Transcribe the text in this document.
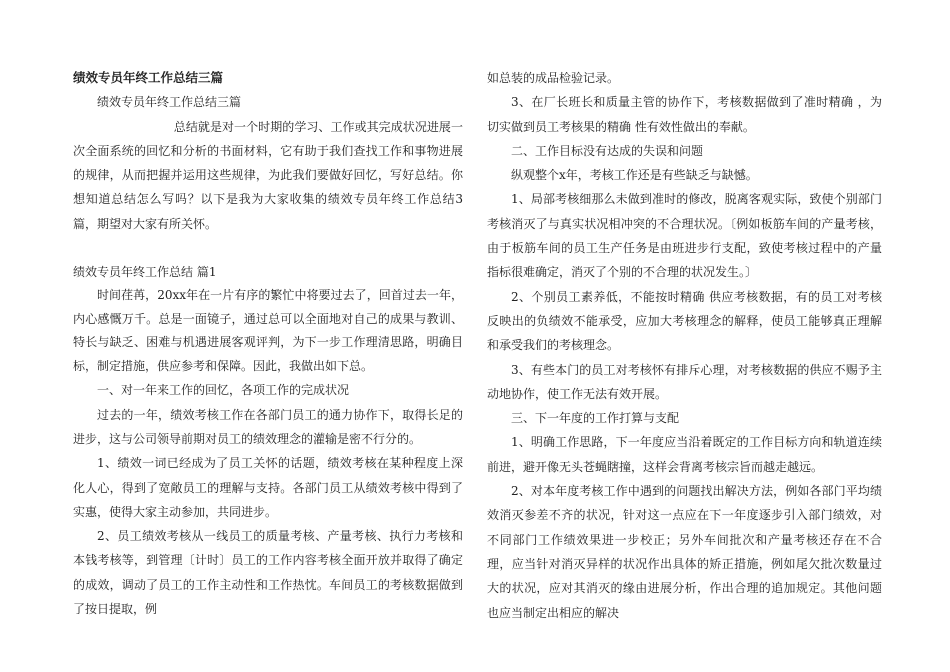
绩效专员年终工作总结三篇

绩效专员年终工作总结三篇

总结就是对一个时期的学习、工作或其完成状况进展一次全面系统的回忆和分析的书面材料，它有助于我们查找工作和事物进展的规律，从而把握并运用这些规律，为此我们要做好回忆，写好总结。你想知道总结怎么写吗？以下是我为大家收集的绩效专员年终工作总结3篇，期望对大家有所关怀。

绩效专员年终工作总结 篇1

时间荏苒，20xx年在一片有序的繁忙中将要过去了，回首过去一年，内心感慨万千。总是一面镜子，通过总可以全面地对自己的成果与教训、特长与缺乏、困难与机遇进展客观评判，为下一步工作理清思路，明确目标，制定措施，供应参考和保障。因此，我做出如下总。

一、对一年来工作的回忆，各项工作的完成状况

过去的一年，绩效考核工作在各部门员工的通力协作下，取得长足的进步，这与公司领导前期对员工的绩效理念的灌输是密不行分的。

1、绩效一词已经成为了员工关怀的话题，绩效考核在某种程度上深化人心，得到了宽敞员工的理解与支持。各部门员工从绩效考核中得到了实惠，使得大家主动参加，共同进步。

2、员工绩效考核从一线员工的质量考核、产量考核、执行力考核和本钱考核等，到管理〔计时〕员工的工作内容考核全面开放并取得了确定的成效，调动了员工的工作主动性和工作热忱。车间员工的考核数据做到了按日提取，例

如总装的成品检验记录。

3、在厂长班长和质量主管的协作下，考核数据做到了准时精确 ，为切实做到员工考核果的精确 性有效性做出的奉献。

二、工作目标没有达成的失误和问题

纵观整个x年，考核工作还是有些缺乏与缺憾。

1、局部考核细那么未做到准时的修改，脱离客观实际，致使个别部门考核消灭了与真实状况相冲突的不合理状况。〔例如板筋车间的产量考核，由于板筋车间的员工生产任务是由班进步行支配，致使考核过程中的产量指标很难确定，消灭了个别的不合理的状况发生。〕

2、个别员工素养低，不能按时精确 供应考核数据，有的员工对考核反映出的负绩效不能承受，应加大考核理念的解释，使员工能够真正理解和承受我们的考核理念。

3、有些本门的员工对考核怀有排斥心理，对考核数据的供应不赐予主动地协作，使工作无法有效开展。

三、下一年度的工作打算与支配

1、明确工作思路，下一年度应当沿着既定的工作目标方向和轨道连续前进，避开像无头苍蝇瞎撞，这样会背离考核宗旨而越走越远。

2、对本年度考核工作中遇到的问题找出解决方法，例如各部门平均绩效消灭参差不齐的状况，针对这一点应在下一年度逐步引入部门绩效，对不同部门工作绩效果进一步校正；另外车间批次和产量考核还存在不合理，应当针对消灭异样的状况作出具体的矫正措施，例如尾欠批次数量过大的状况，应对其消灭的缘由进展分析，作出合理的追加规定。其他问题也应当制定出相应的解决
